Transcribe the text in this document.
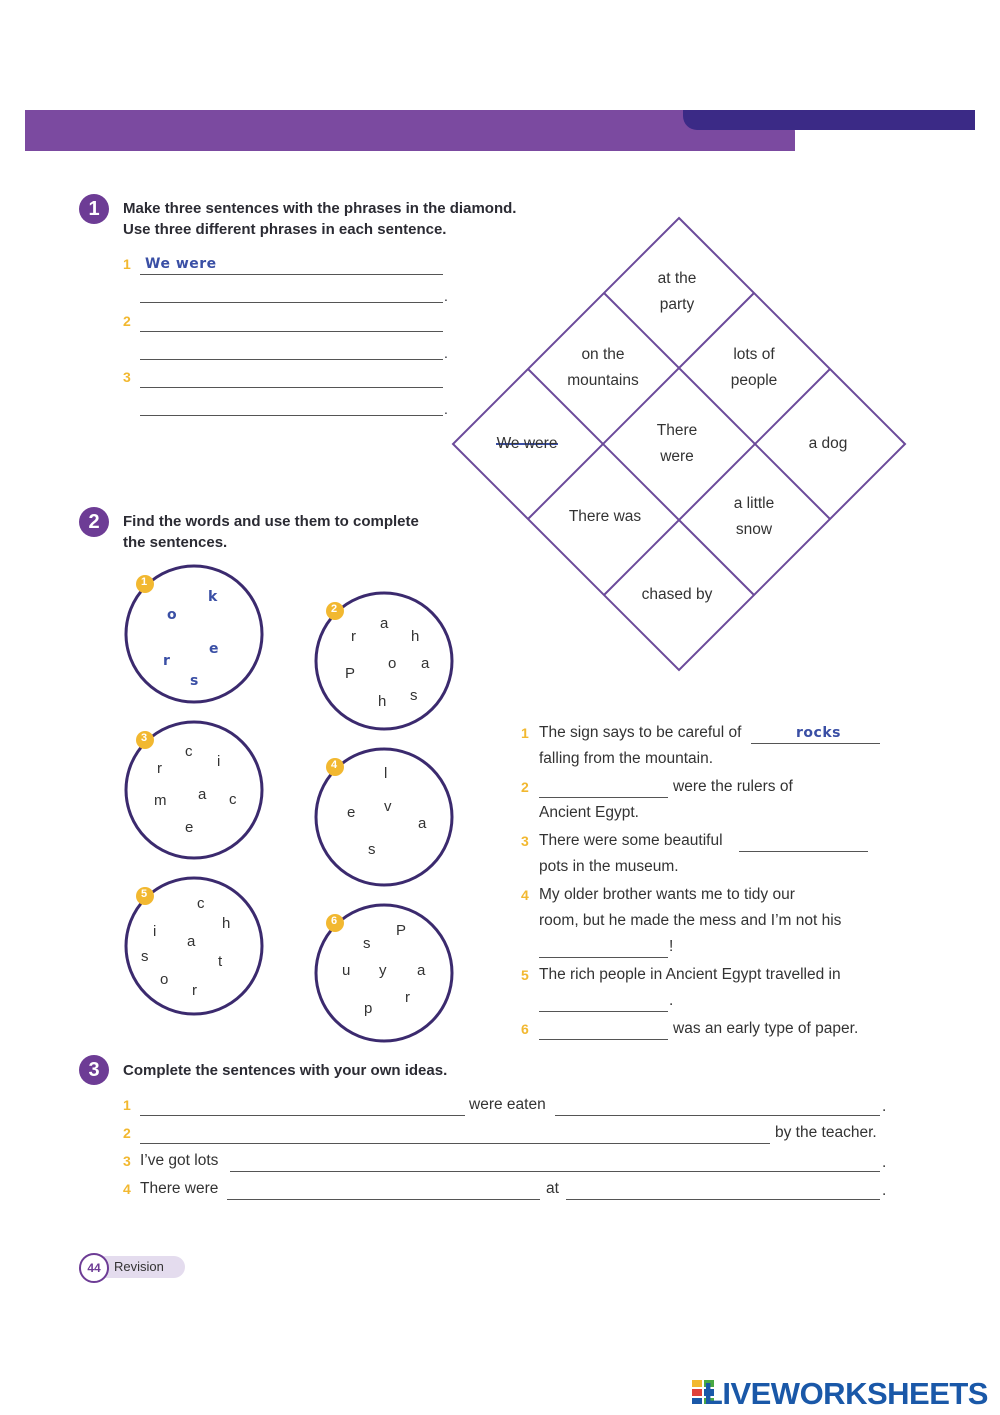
1	Make three sentences with the phrases in the diamond.
Use three different phrases in each sentence.
1 We were
.
2
.
3
.
at the
party
on the
mountains
lots of
people
We were
There
were
a dog
There was
a little
snow
chased by
2	Find the words and use them to complete
the sentences.
1
2
3
4
5
6
k
o
e
r
s
a
r	h
o a
P
h s
c
i
r
a
m	c
e
l
v
e
a
s
c
h
i
a
s	t
o
r
P
s
u y a
r
p
1 The sign says to be careful of	rocks
falling from the mountain.
2	were the rulers of
Ancient Egypt.
3 There were some beautiful
pots in the museum.
4 My older brother wants me to tidy our
room, but he made the mess and I’m not his
!
5 The rich people in Ancient Egypt travelled in
.
6	was an early type of paper.
3	Complete the sentences with your own ideas.
1	were eaten	.
2	by the teacher.
3 I’ve got lots	.
4 There were	at	.
44	Revision
LIVEWORKSHEETS
